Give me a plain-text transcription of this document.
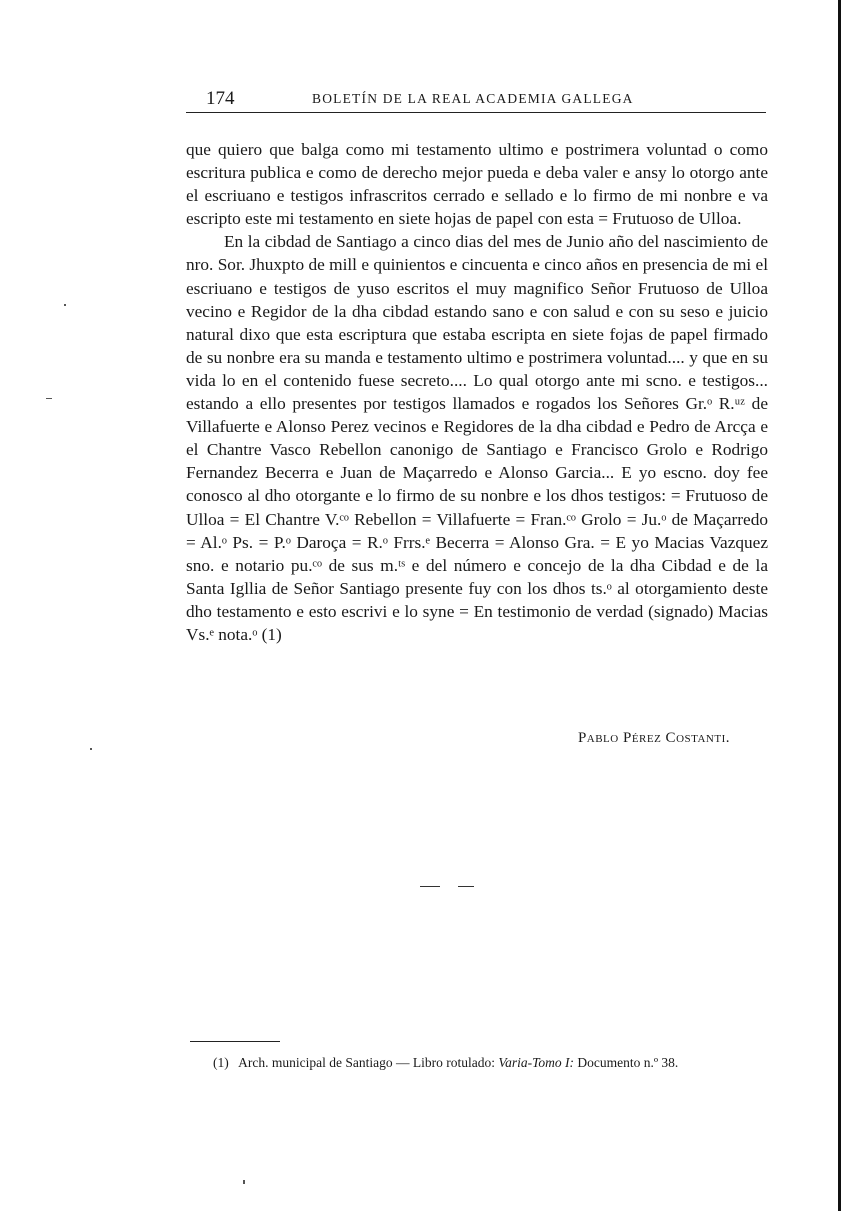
174	BOLETÍN DE LA REAL ACADEMIA GALLEGA

que quiero que balga como mi testamento ultimo e postrimera voluntad o como escritura publica e como de derecho mejor pueda e deba valer e ansy lo otorgo ante el escriuano e testigos infrascritos cerrado e sellado e lo firmo de mi nonbre e va escripto este mi testamento en siete hojas de papel con esta = Frutuoso de Ulloa.

En la cibdad de Santiago a cinco dias del mes de Junio año del nascimiento de nro. Sor. Jhuxpto de mill e quinientos e cincuenta e cinco años en presencia de mi el escriuano e testigos de yuso escritos el muy magnifico Señor Frutuoso de Ulloa vecino e Regidor de la dha cibdad estando sano e con salud e con su seso e juicio natural dixo que esta escriptura que estaba escripta en siete fojas de papel firmado de su nonbre era su manda e testamento ultimo e postrimera voluntad.... y que en su vida lo en el contenido fuese secreto.... Lo qual otorgo ante mi scno. e testigos... estando a ello presentes por testigos llamados e rogados los Señores Gr.ᵒ R.ᵘᶻ de Villafuerte e Alonso Perez vecinos e Regidores de la dha cibdad e Pedro de Arcça e el Chantre Vasco Rebellon canonigo de Santiago e Francisco Grolo e Rodrigo Fernandez Becerra e Juan de Maçarredo e Alonso Garcia... E yo escno. doy fee conosco al dho otorgante e lo firmo de su nonbre e los dhos testigos: = Frutuoso de Ulloa = El Chantre V.ᶜᵒ Rebellon = Villafuerte = Fran.ᶜᵒ Grolo = Ju.ᵒ de Maçarredo = Al.ᵒ Ps. = P.ᵒ Daroça = R.ᵒ Frrs.ᵉ Becerra = Alonso Gra. = E yo Macias Vazquez sno. e notario pu.ᶜᵒ de sus m.ᵗˢ e del número e concejo de la dha Cibdad e de la Santa Igllia de Señor Santiago presente fuy con los dhos ts.ᵒ al otorgamiento deste dho testamento e esto escrivi e lo syne = En testimonio de verdad (signado) Macias Vs.ᵉ nota.ᵒ (1)

Pablo Pérez Costanti.
(1) Arch. municipal de Santiago — Libro rotulado: Varia-Tomo I: Documento n.º 38.
